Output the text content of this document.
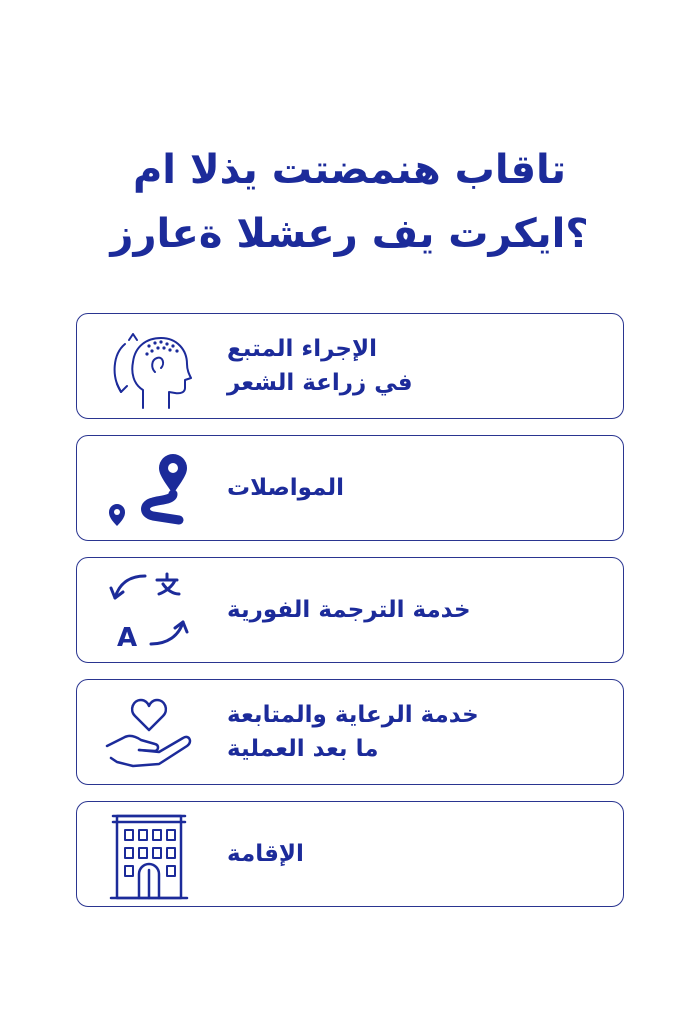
تاقاب هنمضتت يذلا ام
؟ايكرت يف رعشلا ةعارز
الإجراء المتبع
في زراعة الشعر
المواصلات
A
خدمة الترجمة الفورية
خدمة الرعاية والمتابعة
ما بعد العملية
الإقامة
